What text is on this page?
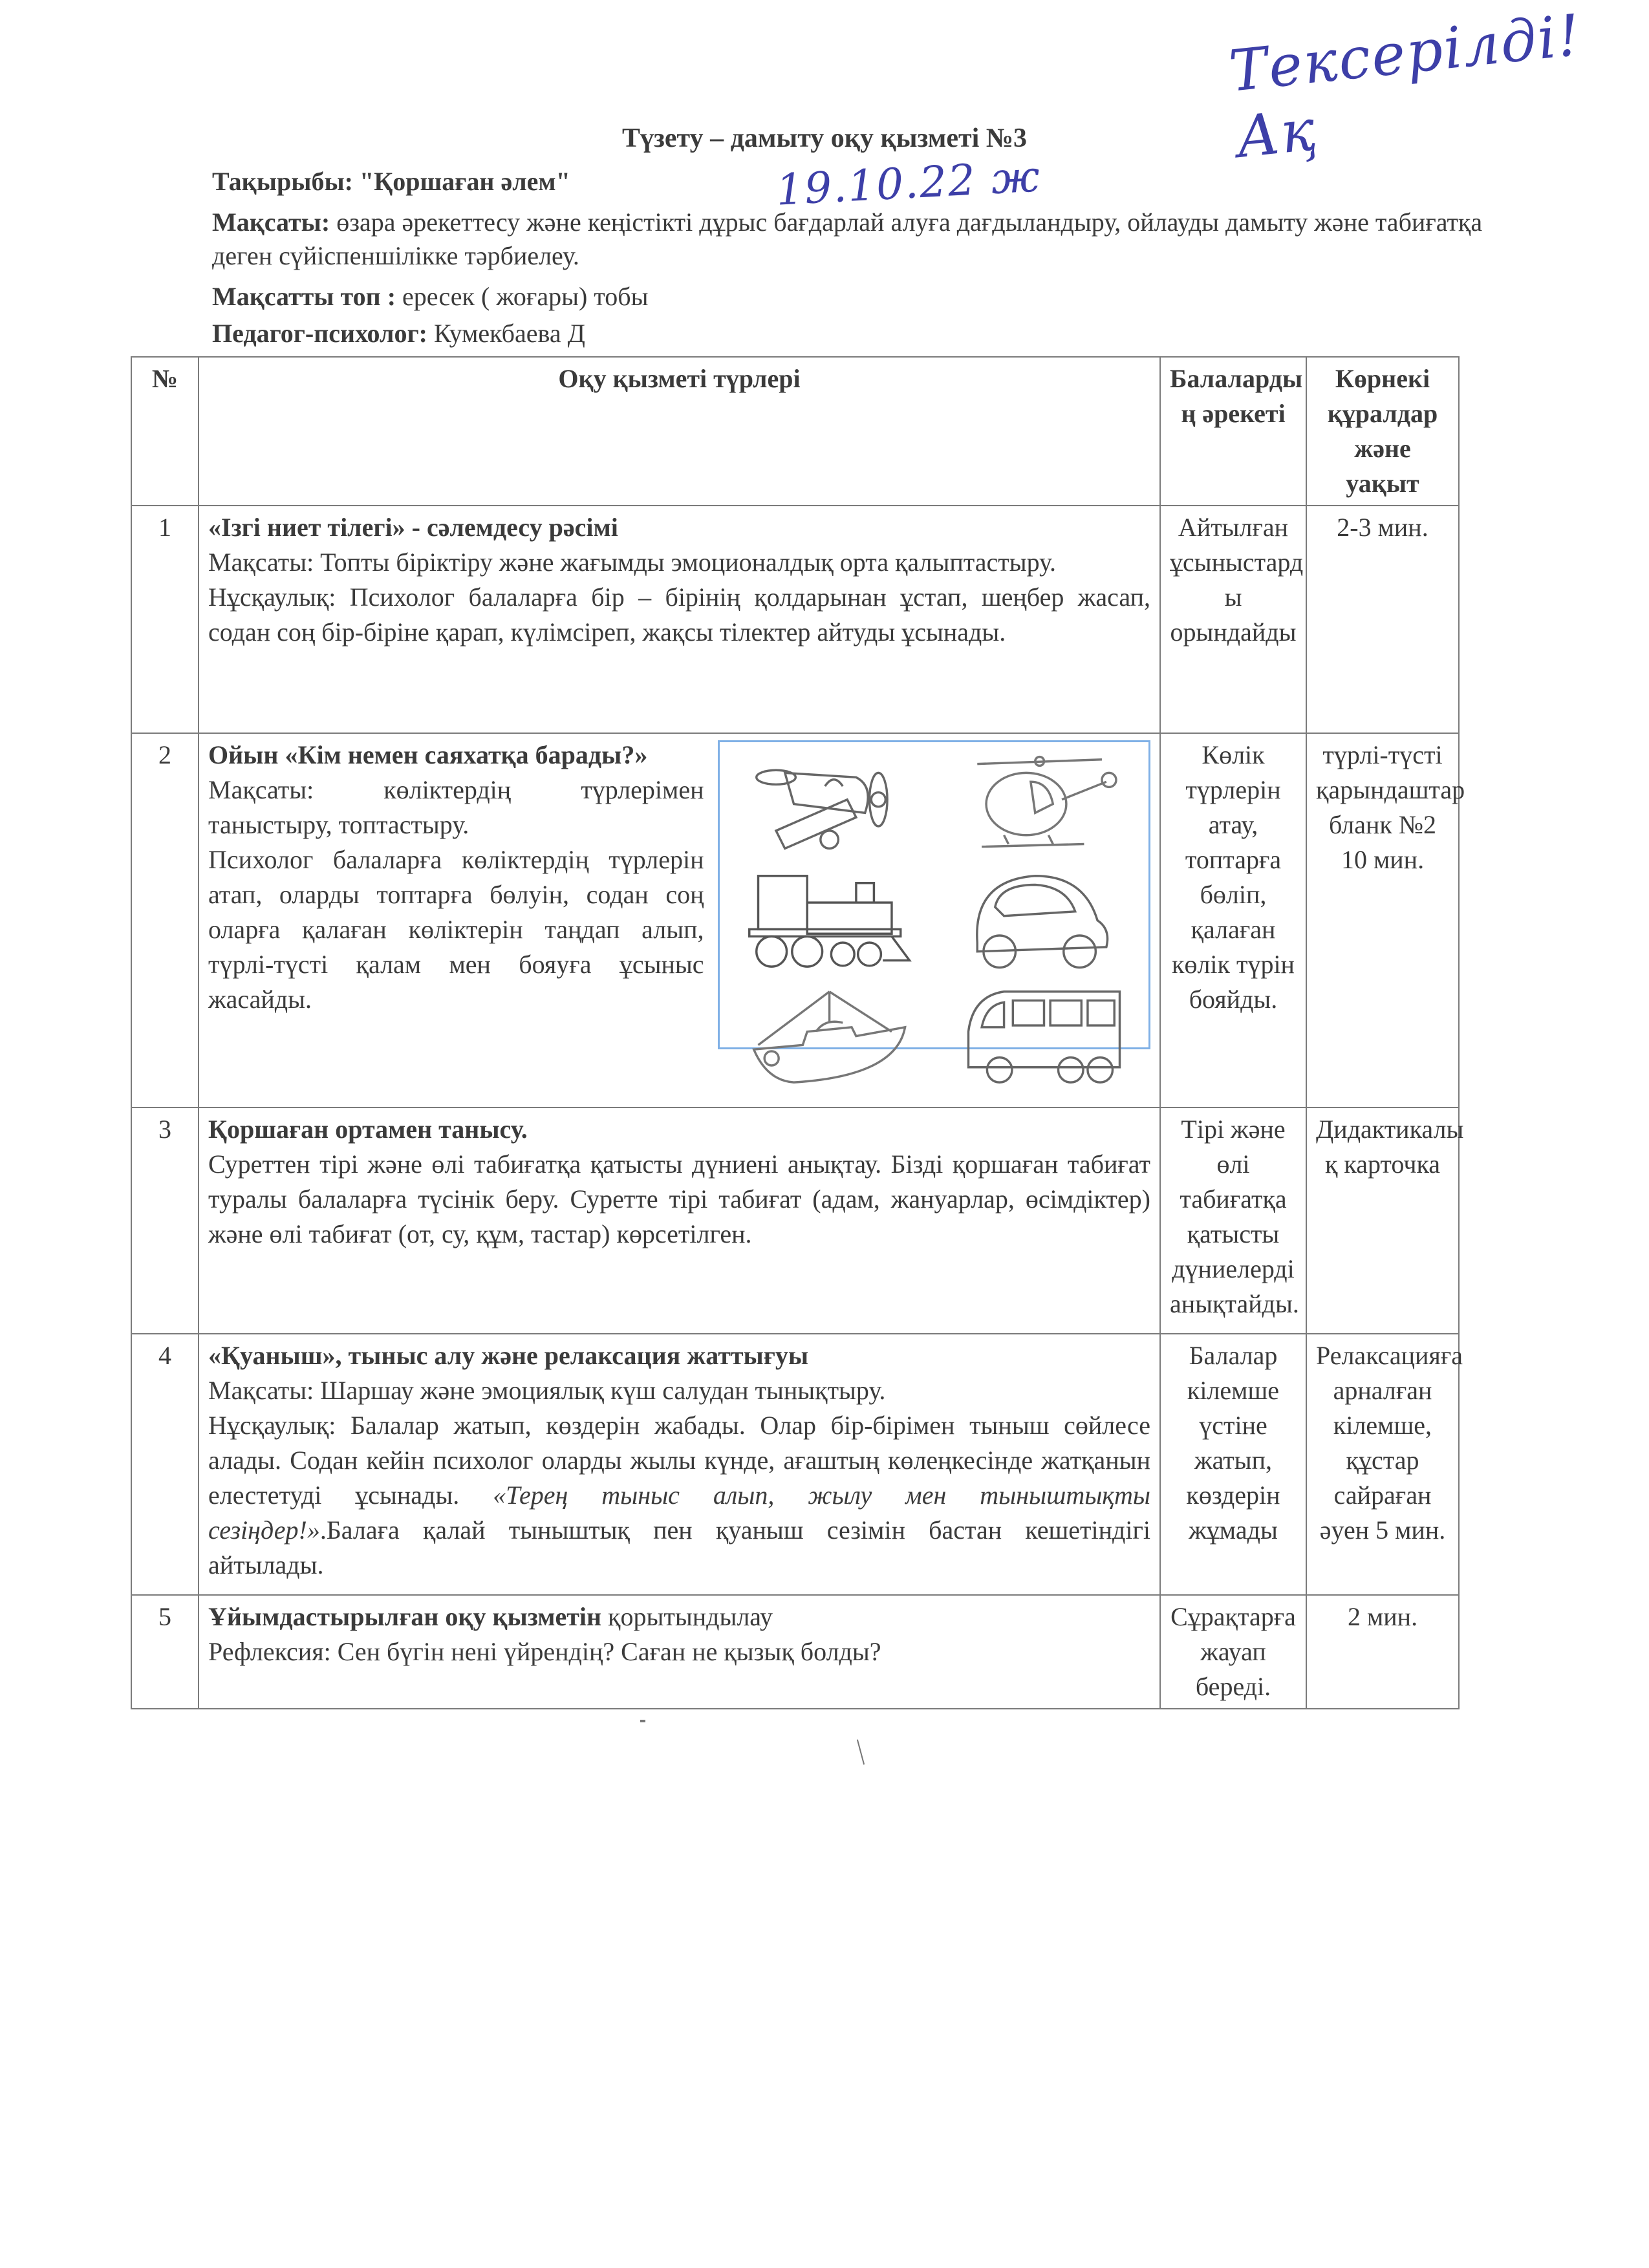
Тексерілді! Ақ
19.10.22 ж
Түзету – дамыту оқу қызметі №3
Тақырыбы: "Қоршаған әлем"
Мақсаты: өзара әрекеттесу және кеңістікті дұрыс бағдарлай алуға дағдыландыру, ойлауды дамыту және табиғатқа деген сүйіспеншілікке тәрбиелеу.
Мақсатты топ : ересек ( жоғары) тобы
Педагог-психолог: Кумекбаева Д
№	Оқу қызметі түрлері	Балаларды ң әрекеті	Көрнекі құралдар және уақыт
1	«Ізгі ниет тілегі» - сәлемдесу рәсімі
Мақсаты: Топты біріктіру және жағымды эмоционалдық орта қалыптастыру.
Нұсқаулық: Психолог балаларға бір – бірінің қолдарынан ұстап, шеңбер жасап, содан соң бір-біріне қарап, күлімсіреп, жақсы тілектер айтуды ұсынады.	Айтылған ұсыныстард ы орындайды	2-3 мин.
2	Ойын «Кім немен саяхатқа барады?»
Мақсаты: көліктердің түрлерімен таныстыру, топтастыру.
Психолог балаларға көліктердің түрлерін атап, оларды топтарға бөлуін, содан соң оларға қалаған көліктерін таңдап алып, түрлі-түсті қалам мен бояуға ұсыныс жасайды.	Көлік түрлерін атау, топтарға бөліп, қалаған көлік түрін бояйды.	түрлі-түсті қарындаштар бланк №2 10 мин.
3	Қоршаған ортамен танысу.
Суреттен тірі және өлі табиғатқа қатысты дүниені анықтау. Бізді қоршаған табиғат туралы балаларға түсінік беру. Суретте тірі табиғат (адам, жануарлар, өсімдіктер) және өлі табиғат (от, су, құм, тастар) көрсетілген.	Тірі және өлі табиғатқа қатысты дүниелерді анықтайды.	Дидактикалы қ карточка
4	«Қуаныш», тыныс алу және релаксация жаттығуы
Мақсаты: Шаршау және эмоциялық күш салудан тынықтыру.
Нұсқаулық: Балалар жатып, көздерін жабады. Олар бір-бірімен тыныш сөйлесе алады. Содан кейін психолог оларды жылы күнде, ағаштың көлеңкесінде жатқанын елестетуді ұсынады. «Терең тыныс алып, жылу мен тыныштықты сезіңдер!».Балаға қалай тыныштық пен қуаныш сезімін бастан кешетіндігі айтылады.	Балалар кілемше үстіне жатып, көздерін жұмады	Релаксацияға арналған кілемше, құстар сайраған әуен 5 мин.
5	Ұйымдастырылған оқу қызметін қорытындылау
Рефлексия: Сен бүгін нені үйрендің? Саған не қызық болды?	Сұрақтарға жауап береді.	2 мин.
